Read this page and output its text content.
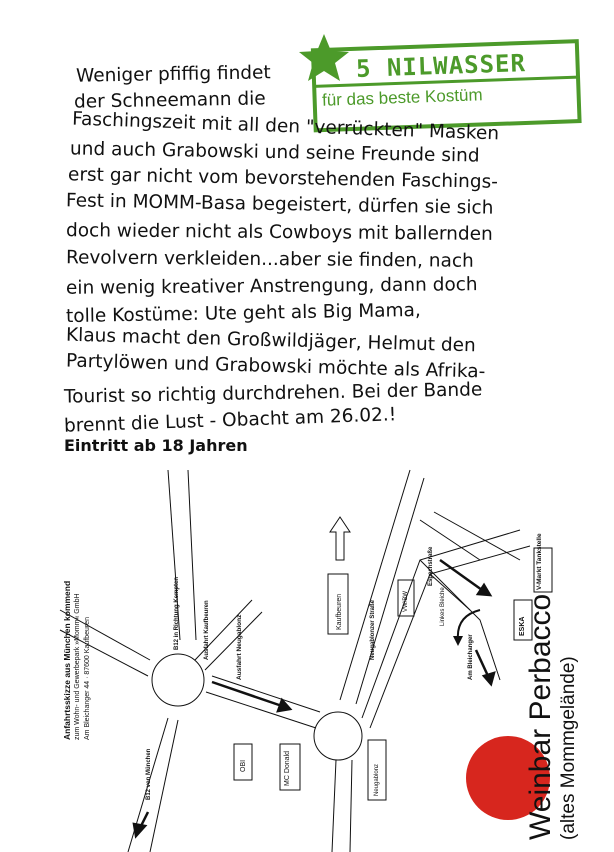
5 NILWASSER
für das beste Kostüm
Weniger pfiffig findet
der Schneemann die
Faschingszeit mit all den "verrückten" Masken
und auch Grabowski und seine Freunde sind
erst gar nicht vom bevorstehenden Faschings-
Fest in MOMM-Basa begeistert, dürfen sie sich
doch wieder nicht als Cowboys mit ballernden
Revolvern verkleiden...aber sie finden, nach
ein wenig kreativer Anstrengung, dann doch
tolle Kostüme: Ute geht als Big Mama,
Klaus macht den Großwildjäger, Helmut den
Partylöwen und Grabowski möchte als Afrika-
Tourist so richtig durchdrehen. Bei der Bande
brennt die Lust - Obacht am 26.02.!
Eintritt ab 18 Jahren
Anfahrtsskizze aus München kommend zum Wohn- und Gewerbepark »Momm« GmbH Am Bleichanger 44 · 87600 Kaufbeuren
B12 von München
B12 in Richtung Kempten	Ausfahrt Kaufbeuren	Ausfahrt Neugablonz	Neugablonzer Straße
Kaufbeuren
OBI	MC Donald	Neugablonz
VW/BW
Espachstraße
Linkes Bleiche
Am Bleichanger
ESKA
V-Markt Tankstelle
Weinbar Perbacco (altes Mommgelände)
